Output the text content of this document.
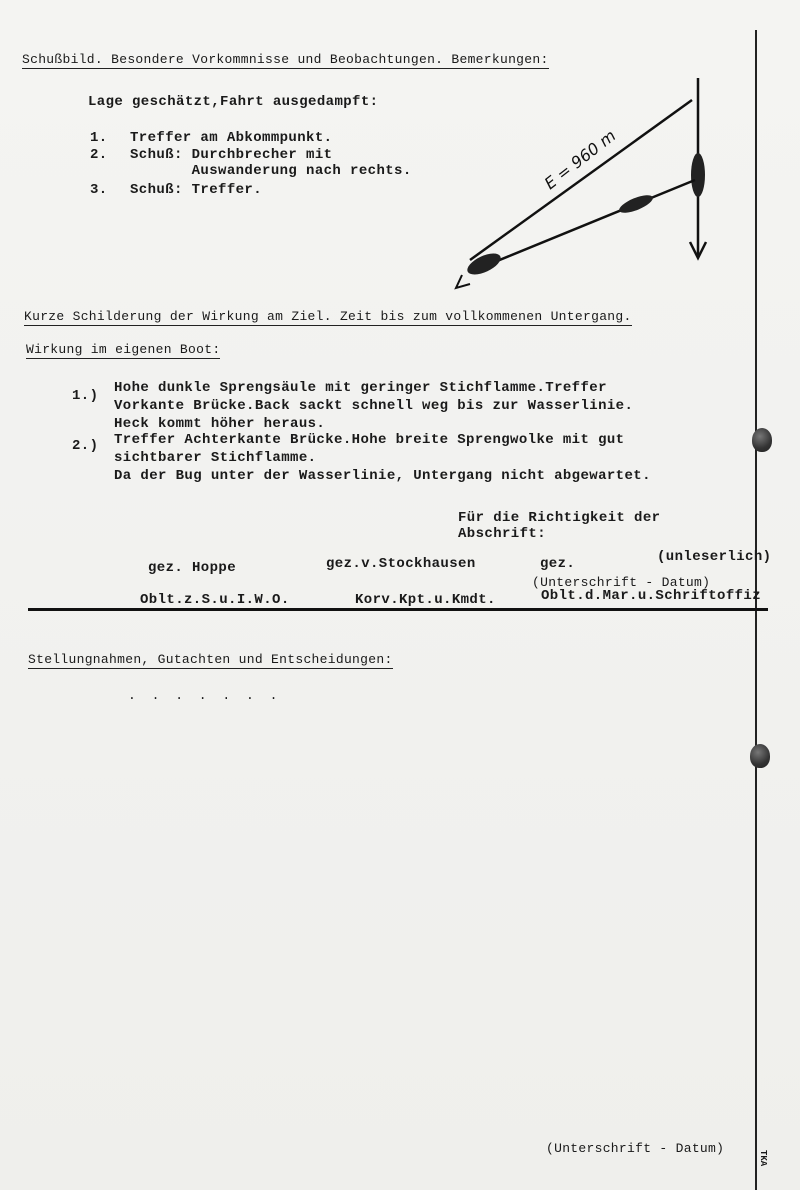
Schußbild. Besondere Vorkommnisse und Beobachtungen. Bemerkungen:
Lage geschätzt,Fahrt ausgedampft:
1. Treffer am Abkommpunkt.
2. Schuß: Durchbrecher mit
Auswanderung nach rechts.
3. Schuß: Treffer.	E = 960 m
Kurze Schilderung der Wirkung am Ziel. Zeit bis zum vollkommenen Untergang.
Wirkung im eigenen Boot:
1.) Hohe dunkle Sprengsäule mit geringer Stichflamme.Treffer
Vorkante Brücke.Back sackt schnell weg bis zur Wasserlinie.
Heck kommt höher heraus.
2.) Treffer Achterkante Brücke.Hohe breite Sprengwolke mit gut
sichtbarer Stichflamme.
Da der Bug unter der Wasserlinie, Untergang nicht abgewartet.
Für die Richtigkeit der
Abschrift:
gez. Hoppe	gez.v.Stockhausen	gez.	(unleserlich)
(Unterschrift - Datum)
Oblt.z.S.u.I.W.O.	Korv.Kpt.u.Kmdt.	Oblt.d.Mar.u.Schriftoffiz
Stellungnahmen, Gutachten und Entscheidungen:
. . . . . . .
(Unterschrift - Datum)
TKA
